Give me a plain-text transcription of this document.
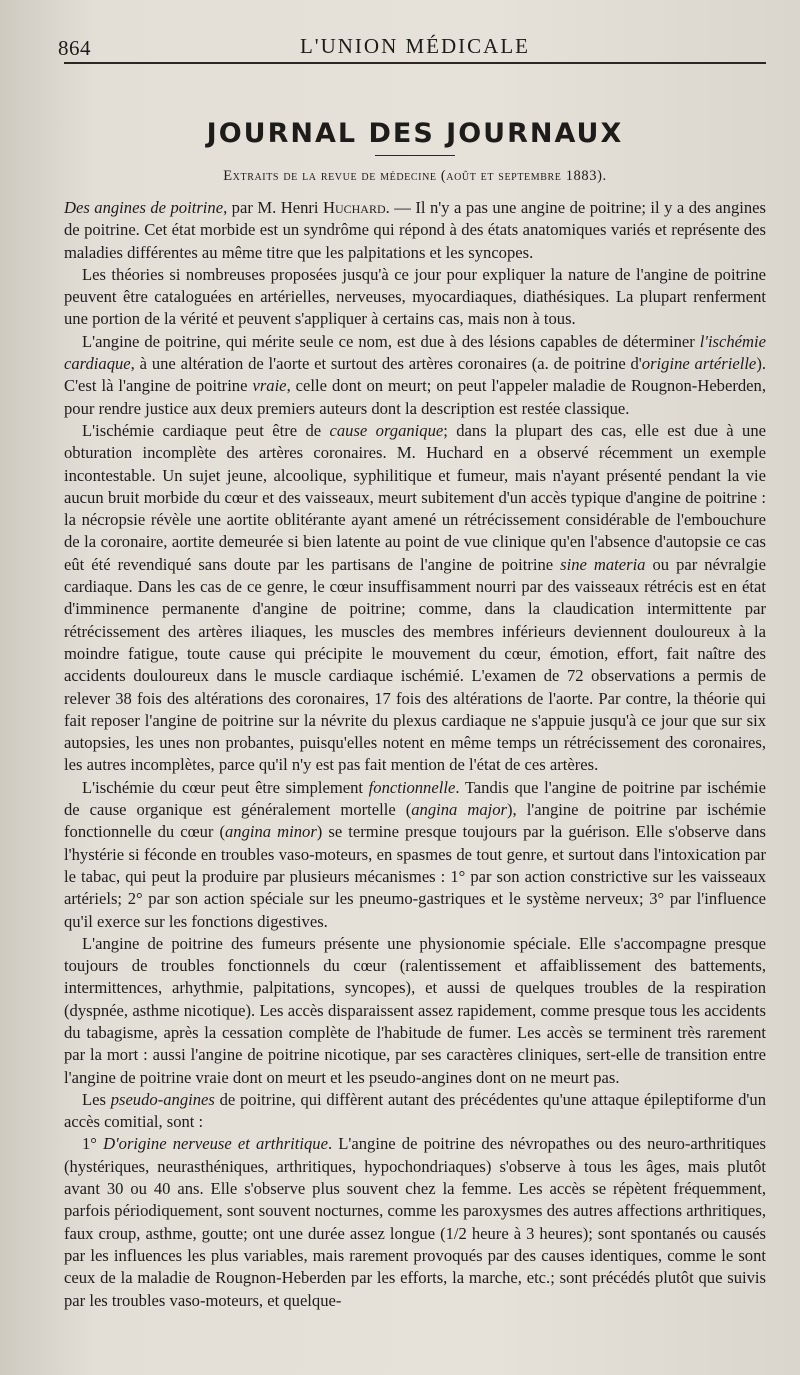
864	L'UNION MÉDICALE
JOURNAL DES JOURNAUX
Extraits de la revue de médecine (août et septembre 1883).

Des angines de poitrine, par M. Henri Huchard. — Il n'y a pas une angine de poitrine; il y a des angines de poitrine. Cet état morbide est un syndrôme qui répond à des états anatomiques variés et représente des maladies différentes au même titre que les palpitations et les syncopes.

Les théories si nombreuses proposées jusqu'à ce jour pour expliquer la nature de l'angine de poitrine peuvent être cataloguées en artérielles, nerveuses, myocardiaques, diathésiques. La plupart renferment une portion de la vérité et peuvent s'appliquer à certains cas, mais non à tous.

L'angine de poitrine, qui mérite seule ce nom, est due à des lésions capables de déterminer l'ischémie cardiaque, à une altération de l'aorte et surtout des artères coronaires (a. de poitrine d'origine artérielle). C'est là l'angine de poitrine vraie, celle dont on meurt; on peut l'appeler maladie de Rougnon-Heberden, pour rendre justice aux deux premiers auteurs dont la description est restée classique.

L'ischémie cardiaque peut être de cause organique; dans la plupart des cas, elle est due à une obturation incomplète des artères coronaires. M. Huchard en a observé récemment un exemple incontestable. Un sujet jeune, alcoolique, syphilitique et fumeur, mais n'ayant présenté pendant la vie aucun bruit morbide du cœur et des vaisseaux, meurt subitement d'un accès typique d'angine de poitrine : la nécropsie révèle une aortite oblitérante ayant amené un rétrécissement considérable de l'embouchure de la coronaire, aortite demeurée si bien latente au point de vue clinique qu'en l'absence d'autopsie ce cas eût été revendiqué sans doute par les partisans de l'angine de poitrine sine materia ou par névralgie cardiaque. Dans les cas de ce genre, le cœur insuffisamment nourri par des vaisseaux rétrécis est en état d'imminence permanente d'angine de poitrine; comme, dans la claudication intermittente par rétrécissement des artères iliaques, les muscles des membres inférieurs deviennent douloureux à la moindre fatigue, toute cause qui précipite le mouvement du cœur, émotion, effort, fait naître des accidents douloureux dans le muscle cardiaque ischémié. L'examen de 72 observations a permis de relever 38 fois des altérations des coronaires, 17 fois des altérations de l'aorte. Par contre, la théorie qui fait reposer l'angine de poitrine sur la névrite du plexus cardiaque ne s'appuie jusqu'à ce jour que sur six autopsies, les unes non probantes, puisqu'elles notent en même temps un rétrécissement des coronaires, les autres incomplètes, parce qu'il n'y est pas fait mention de l'état de ces artères.

L'ischémie du cœur peut être simplement fonctionnelle. Tandis que l'angine de poitrine par ischémie de cause organique est généralement mortelle (angina major), l'angine de poitrine par ischémie fonctionnelle du cœur (angina minor) se termine presque toujours par la guérison. Elle s'observe dans l'hystérie si féconde en troubles vaso-moteurs, en spasmes de tout genre, et surtout dans l'intoxication par le tabac, qui peut la produire par plusieurs mécanismes : 1° par son action constrictive sur les vaisseaux artériels; 2° par son action spéciale sur les pneumo-gastriques et le système nerveux; 3° par l'influence qu'il exerce sur les fonctions digestives.

L'angine de poitrine des fumeurs présente une physionomie spéciale. Elle s'accompagne presque toujours de troubles fonctionnels du cœur (ralentissement et affaiblissement des battements, intermittences, arhythmie, palpitations, syncopes), et aussi de quelques troubles de la respiration (dyspnée, asthme nicotique). Les accès disparaissent assez rapidement, comme presque tous les accidents du tabagisme, après la cessation complète de l'habitude de fumer. Les accès se terminent très rarement par la mort : aussi l'angine de poitrine nicotique, par ses caractères cliniques, sert-elle de transition entre l'angine de poitrine vraie dont on meurt et les pseudo-angines dont on ne meurt pas.

Les pseudo-angines de poitrine, qui diffèrent autant des précédentes qu'une attaque épileptiforme d'un accès comitial, sont :

1° D'origine nerveuse et arthritique. L'angine de poitrine des névropathes ou des neuro-arthritiques (hystériques, neurasthéniques, arthritiques, hypochondriaques) s'observe à tous les âges, mais plutôt avant 30 ou 40 ans. Elle s'observe plus souvent chez la femme. Les accès se répètent fréquemment, parfois périodiquement, sont souvent nocturnes, comme les paroxysmes des autres affections arthritiques, faux croup, asthme, goutte; ont une durée assez longue (1/2 heure à 3 heures); sont spontanés ou causés par les influences les plus variables, mais rarement provoqués par des causes identiques, comme le sont ceux de la maladie de Rougnon-Heberden par les efforts, la marche, etc.; sont précédés plutôt que suivis par les troubles vaso-moteurs, et quelque-
